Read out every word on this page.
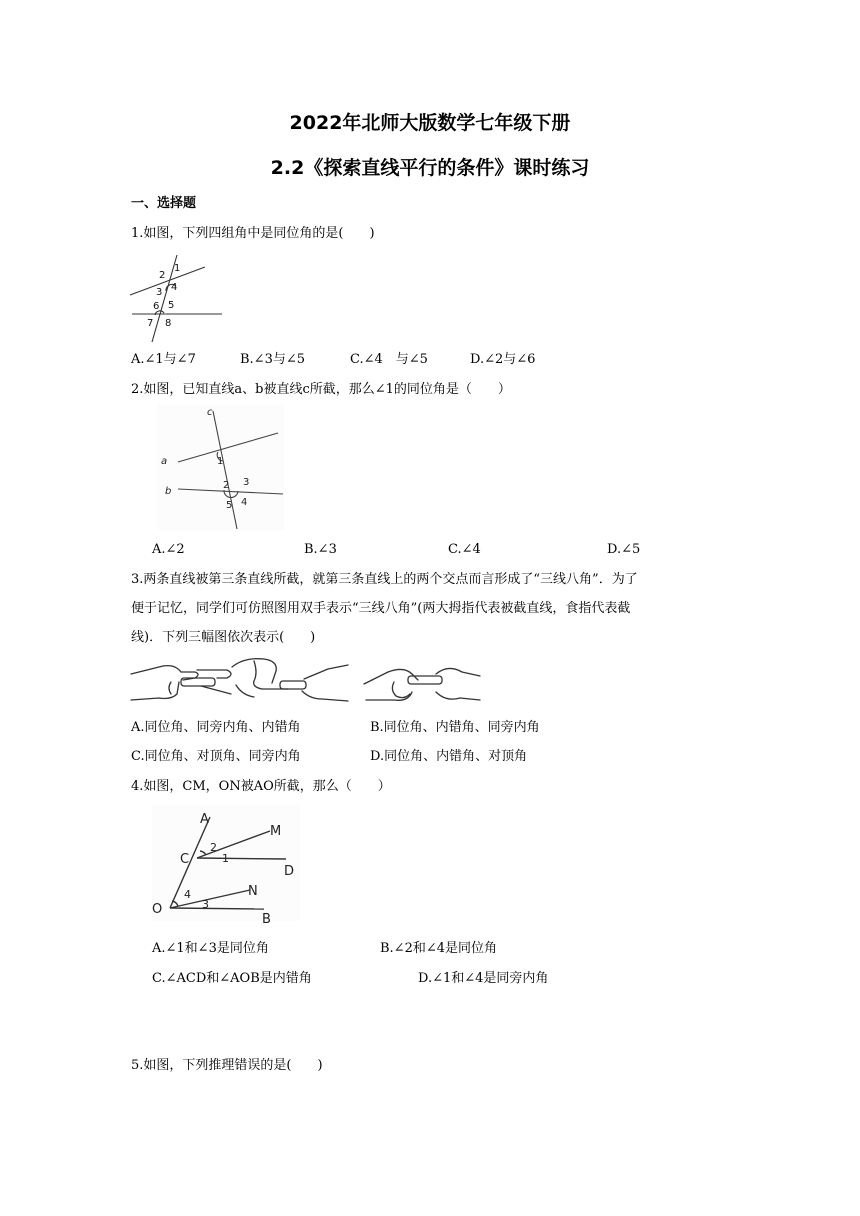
2022年北师大版数学七年级下册
2.2《探索直线平行的条件》课时练习
一、选择题
1.如图，下列四组角中是同位角的是(　　)
1
2
3 4
5
6
7 8
A.∠1与∠7	B.∠3与∠5	C.∠4　与∠5	D.∠2与∠6
2.如图，已知直线a、b被直线c所截，那么∠1的同位角是（　　）
c
a
b
1
2 3
4
5
A.∠2	B.∠3	C.∠4	D.∠5
3.两条直线被第三条直线所截，就第三条直线上的两个交点而言形成了“三线八角”．为了
便于记忆，同学们可仿照图用双手表示“三线八角”(两大拇指代表被截直线，食指代表截
线)．下列三幅图依次表示(　　)
A.同位角、同旁内角、内错角	B.同位角、内错角、同旁内角
C.同位角、对顶角、同旁内角	D.同位角、内错角、对顶角
4.如图，CM，ON被AO所截，那么（　　）
A
M
C
D
N
O
B
2
1
4
3
A.∠1和∠3是同位角	B.∠2和∠4是同位角
C.∠ACD和∠AOB是内错角	D.∠1和∠4是同旁内角
5.如图，下列推理错误的是(　　)
